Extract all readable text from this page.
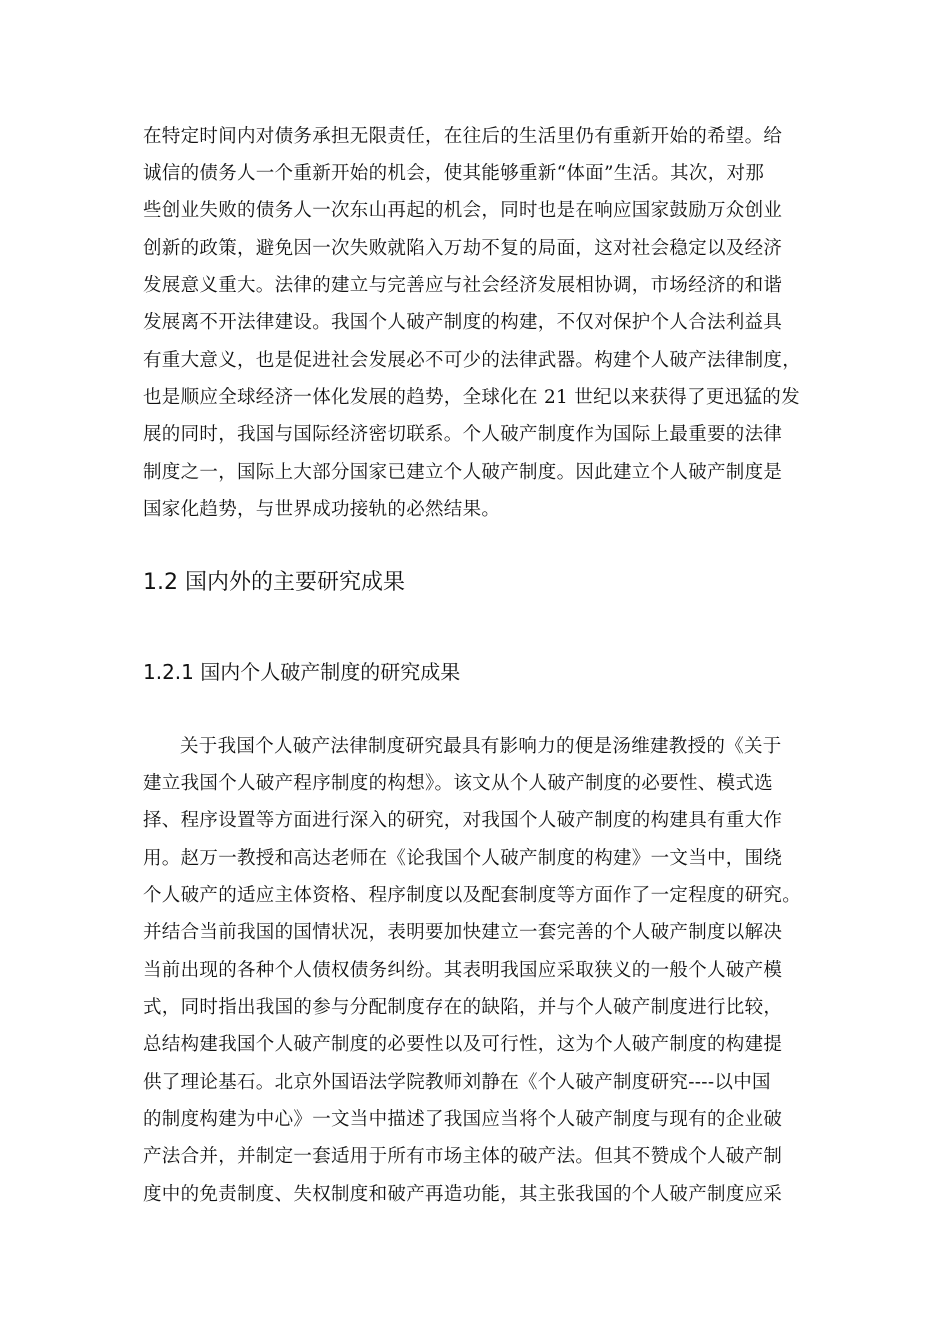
在特定时间内对债务承担无限责任，在往后的生活里仍有重新开始的希望。给
诚信的债务人一个重新开始的机会，使其能够重新“体面”生活。其次，对那
些创业失败的债务人一次东山再起的机会，同时也是在响应国家鼓励万众创业
创新的政策，避免因一次失败就陷入万劫不复的局面，这对社会稳定以及经济
发展意义重大。法律的建立与完善应与社会经济发展相协调，市场经济的和谐
发展离不开法律建设。我国个人破产制度的构建，不仅对保护个人合法利益具
有重大意义，也是促进社会发展必不可少的法律武器。构建个人破产法律制度，
也是顺应全球经济一体化发展的趋势，全球化在 21 世纪以来获得了更迅猛的发
展的同时，我国与国际经济密切联系。个人破产制度作为国际上最重要的法律
制度之一，国际上大部分国家已建立个人破产制度。因此建立个人破产制度是
国家化趋势，与世界成功接轨的必然结果。
1.2 国内外的主要研究成果
1.2.1 国内个人破产制度的研究成果
关于我国个人破产法律制度研究最具有影响力的便是汤维建教授的《关于
建立我国个人破产程序制度的构想》。该文从个人破产制度的必要性、模式选
择、程序设置等方面进行深入的研究，对我国个人破产制度的构建具有重大作
用。赵万一教授和高达老师在《论我国个人破产制度的构建》一文当中，围绕
个人破产的适应主体资格、程序制度以及配套制度等方面作了一定程度的研究。
并结合当前我国的国情状况，表明要加快建立一套完善的个人破产制度以解决
当前出现的各种个人债权债务纠纷。其表明我国应采取狭义的一般个人破产模
式，同时指出我国的参与分配制度存在的缺陷，并与个人破产制度进行比较，
总结构建我国个人破产制度的必要性以及可行性，这为个人破产制度的构建提
供了理论基石。北京外国语法学院教师刘静在《个人破产制度研究----以中国
的制度构建为中心》一文当中描述了我国应当将个人破产制度与现有的企业破
产法合并，并制定一套适用于所有市场主体的破产法。但其不赞成个人破产制
度中的免责制度、失权制度和破产再造功能，其主张我国的个人破产制度应采
